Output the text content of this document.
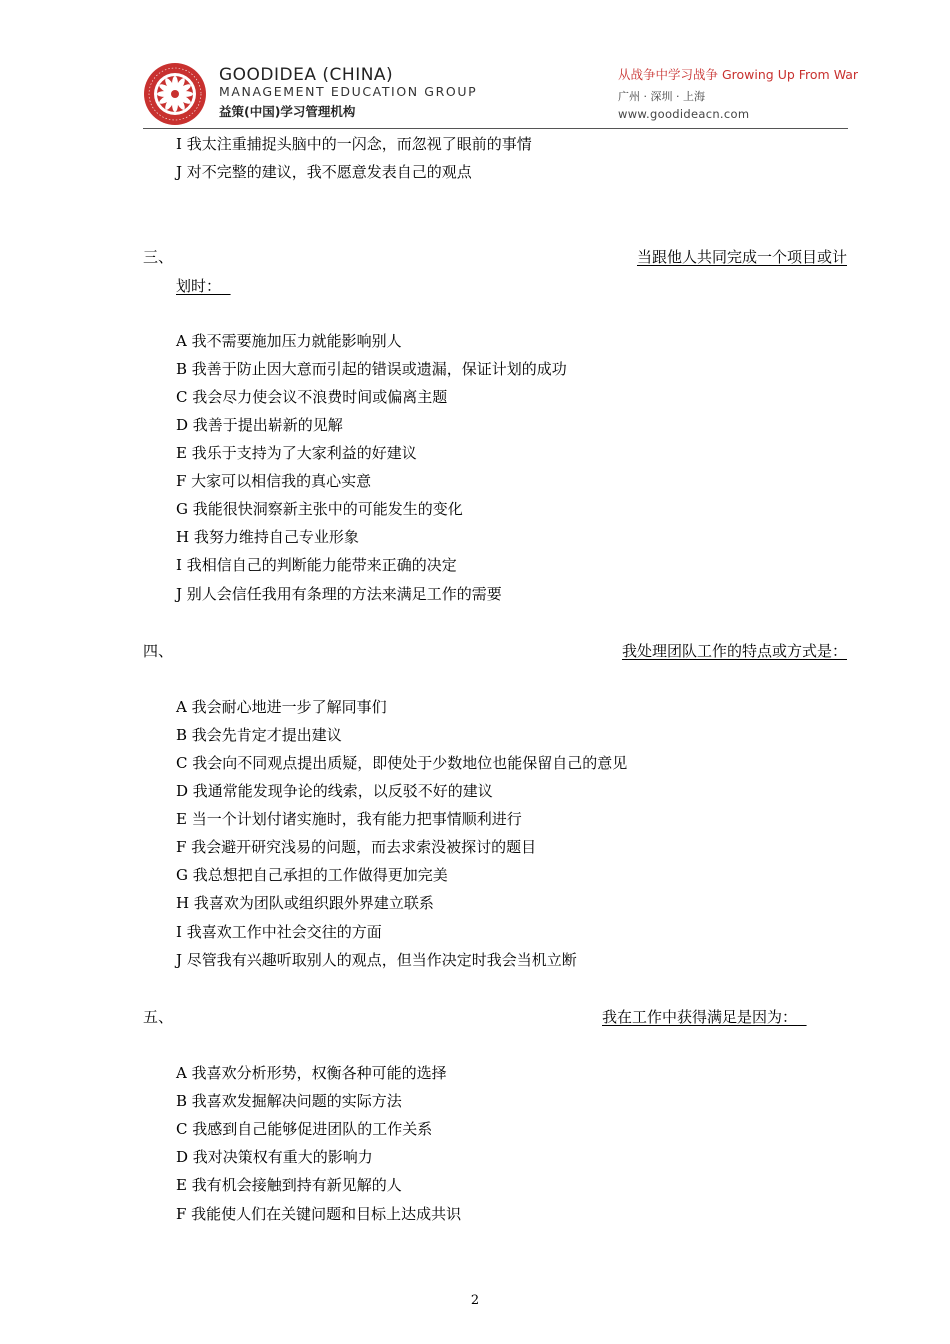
GOODIDEA (CHINA)
MANAGEMENT EDUCATION GROUP
益策(中国)学习管理机构
从战争中学习战争 Growing Up From War
广州 · 深圳 · 上海
www.goodideacn.com
I 我太注重捕捉头脑中的一闪念，而忽视了眼前的事情
J 对不完整的建议，我不愿意发表自己的观点
三、	当跟他人共同完成一个项目或计
划时：
A 我不需要施加压力就能影响别人
B 我善于防止因大意而引起的错误或遗漏，保证计划的成功
C 我会尽力使会议不浪费时间或偏离主题
D 我善于提出崭新的见解
E 我乐于支持为了大家利益的好建议
F 大家可以相信我的真心实意
G 我能很快洞察新主张中的可能发生的变化
H 我努力维持自己专业形象
I 我相信自己的判断能力能带来正确的决定
J 别人会信任我用有条理的方法来满足工作的需要
四、	我处理团队工作的特点或方式是：
A 我会耐心地进一步了解同事们
B 我会先肯定才提出建议
C 我会向不同观点提出质疑，即使处于少数地位也能保留自己的意见
D 我通常能发现争论的线索，以反驳不好的建议
E 当一个计划付诸实施时，我有能力把事情顺利进行
F 我会避开研究浅易的问题，而去求索没被探讨的题目
G 我总想把自己承担的工作做得更加完美
H 我喜欢为团队或组织跟外界建立联系
I 我喜欢工作中社会交往的方面
J 尽管我有兴趣听取别人的观点，但当作决定时我会当机立断
五、	我在工作中获得满足是因为：
A 我喜欢分析形势，权衡各种可能的选择
B 我喜欢发掘解决问题的实际方法
C 我感到自己能够促进团队的工作关系
D 我对决策权有重大的影响力
E 我有机会接触到持有新见解的人
F 我能使人们在关键问题和目标上达成共识
2
